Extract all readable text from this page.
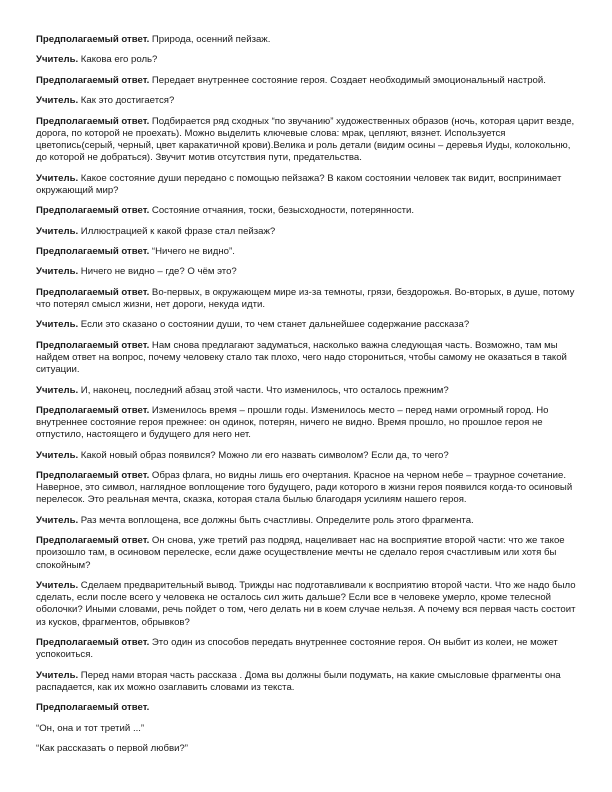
Предполагаемый ответ. Природа, осенний пейзаж.

Учитель. Какова его роль?

Предполагаемый ответ. Передает внутреннее состояние героя. Создает необходимый эмоциональный настрой.

Учитель. Как это достигается?

Предполагаемый ответ. Подбирается ряд сходных “по звучанию” художественных образов (ночь, которая царит везде, дорога, по которой не проехать). Можно выделить ключевые слова: мрак, цепляют, вязнет. Используется цветопись(серый, черный, цвет каракатичной крови).Велика и роль детали (видим осины – деревья Иуды, колокольню, до которой не добраться). Звучит мотив отсутствия пути, предательства.

Учитель. Какое состояние души передано с помощью пейзажа? В каком состоянии человек так видит, воспринимает окружающий мир?

Предполагаемый ответ. Состояние отчаяния, тоски, безысходности, потерянности.

Учитель. Иллюстрацией к какой фразе стал пейзаж?

Предполагаемый ответ. “Ничего не видно”.

Учитель. Ничего не видно – где? О чём это?

Предполагаемый ответ. Во-первых, в окружающем мире из-за темноты, грязи, бездорожья. Во-вторых, в душе, потому что потерял смысл жизни, нет дороги, некуда идти.

Учитель. Если это сказано о состоянии души, то чем станет дальнейшее содержание рассказа?

Предполагаемый ответ. Нам снова предлагают задуматься, насколько важна следующая часть. Возможно, там мы найдем ответ на вопрос, почему человеку стало так плохо, чего надо сторониться, чтобы самому не оказаться в такой ситуации.

Учитель. И, наконец, последний абзац этой части. Что изменилось, что осталось прежним?

Предполагаемый ответ. Изменилось время – прошли годы. Изменилось место – перед нами огромный город. Но внутреннее состояние героя прежнее: он одинок, потерян, ничего не видно. Время прошло, но прошлое героя не отпустило, настоящего и будущего для него нет.

Учитель. Какой новый образ появился? Можно ли его назвать символом? Если да, то чего?

Предполагаемый ответ. Образ флага, но видны лишь его очертания. Красное на черном небе – траурное сочетание. Наверное, это символ, наглядное воплощение того будущего, ради которого в жизни героя появился когда-то осиновый перелесок. Это реальная мечта, сказка, которая стала былью благодаря усилиям нашего героя.

Учитель. Раз мечта воплощена, все должны быть счастливы. Определите роль этого фрагмента.

Предполагаемый ответ. Он снова, уже третий раз подряд, нацеливает нас на восприятие второй части: что же такое произошло там, в осиновом перелеске, если даже осуществление мечты не сделало героя счастливым или хотя бы спокойным?

Учитель. Сделаем предварительный вывод. Трижды нас подготавливали к восприятию второй части. Что же надо было сделать, если после всего у человека не осталось сил жить дальше? Если все в человеке умерло, кроме телесной оболочки? Иными словами, речь пойдет о том, чего делать ни в коем случае нельзя. А почему вся первая часть состоит из кусков, фрагментов, обрывков?

Предполагаемый ответ. Это один из способов передать внутреннее состояние героя. Он выбит из колеи, не может успокоиться.

Учитель. Перед нами вторая часть рассказа . Дома вы должны были подумать, на какие смысловые фрагменты она распадается, как их можно озаглавить словами из текста.

Предполагаемый ответ.

“Он, она и тот третий ...”

“Как рассказать о первой любви?”
